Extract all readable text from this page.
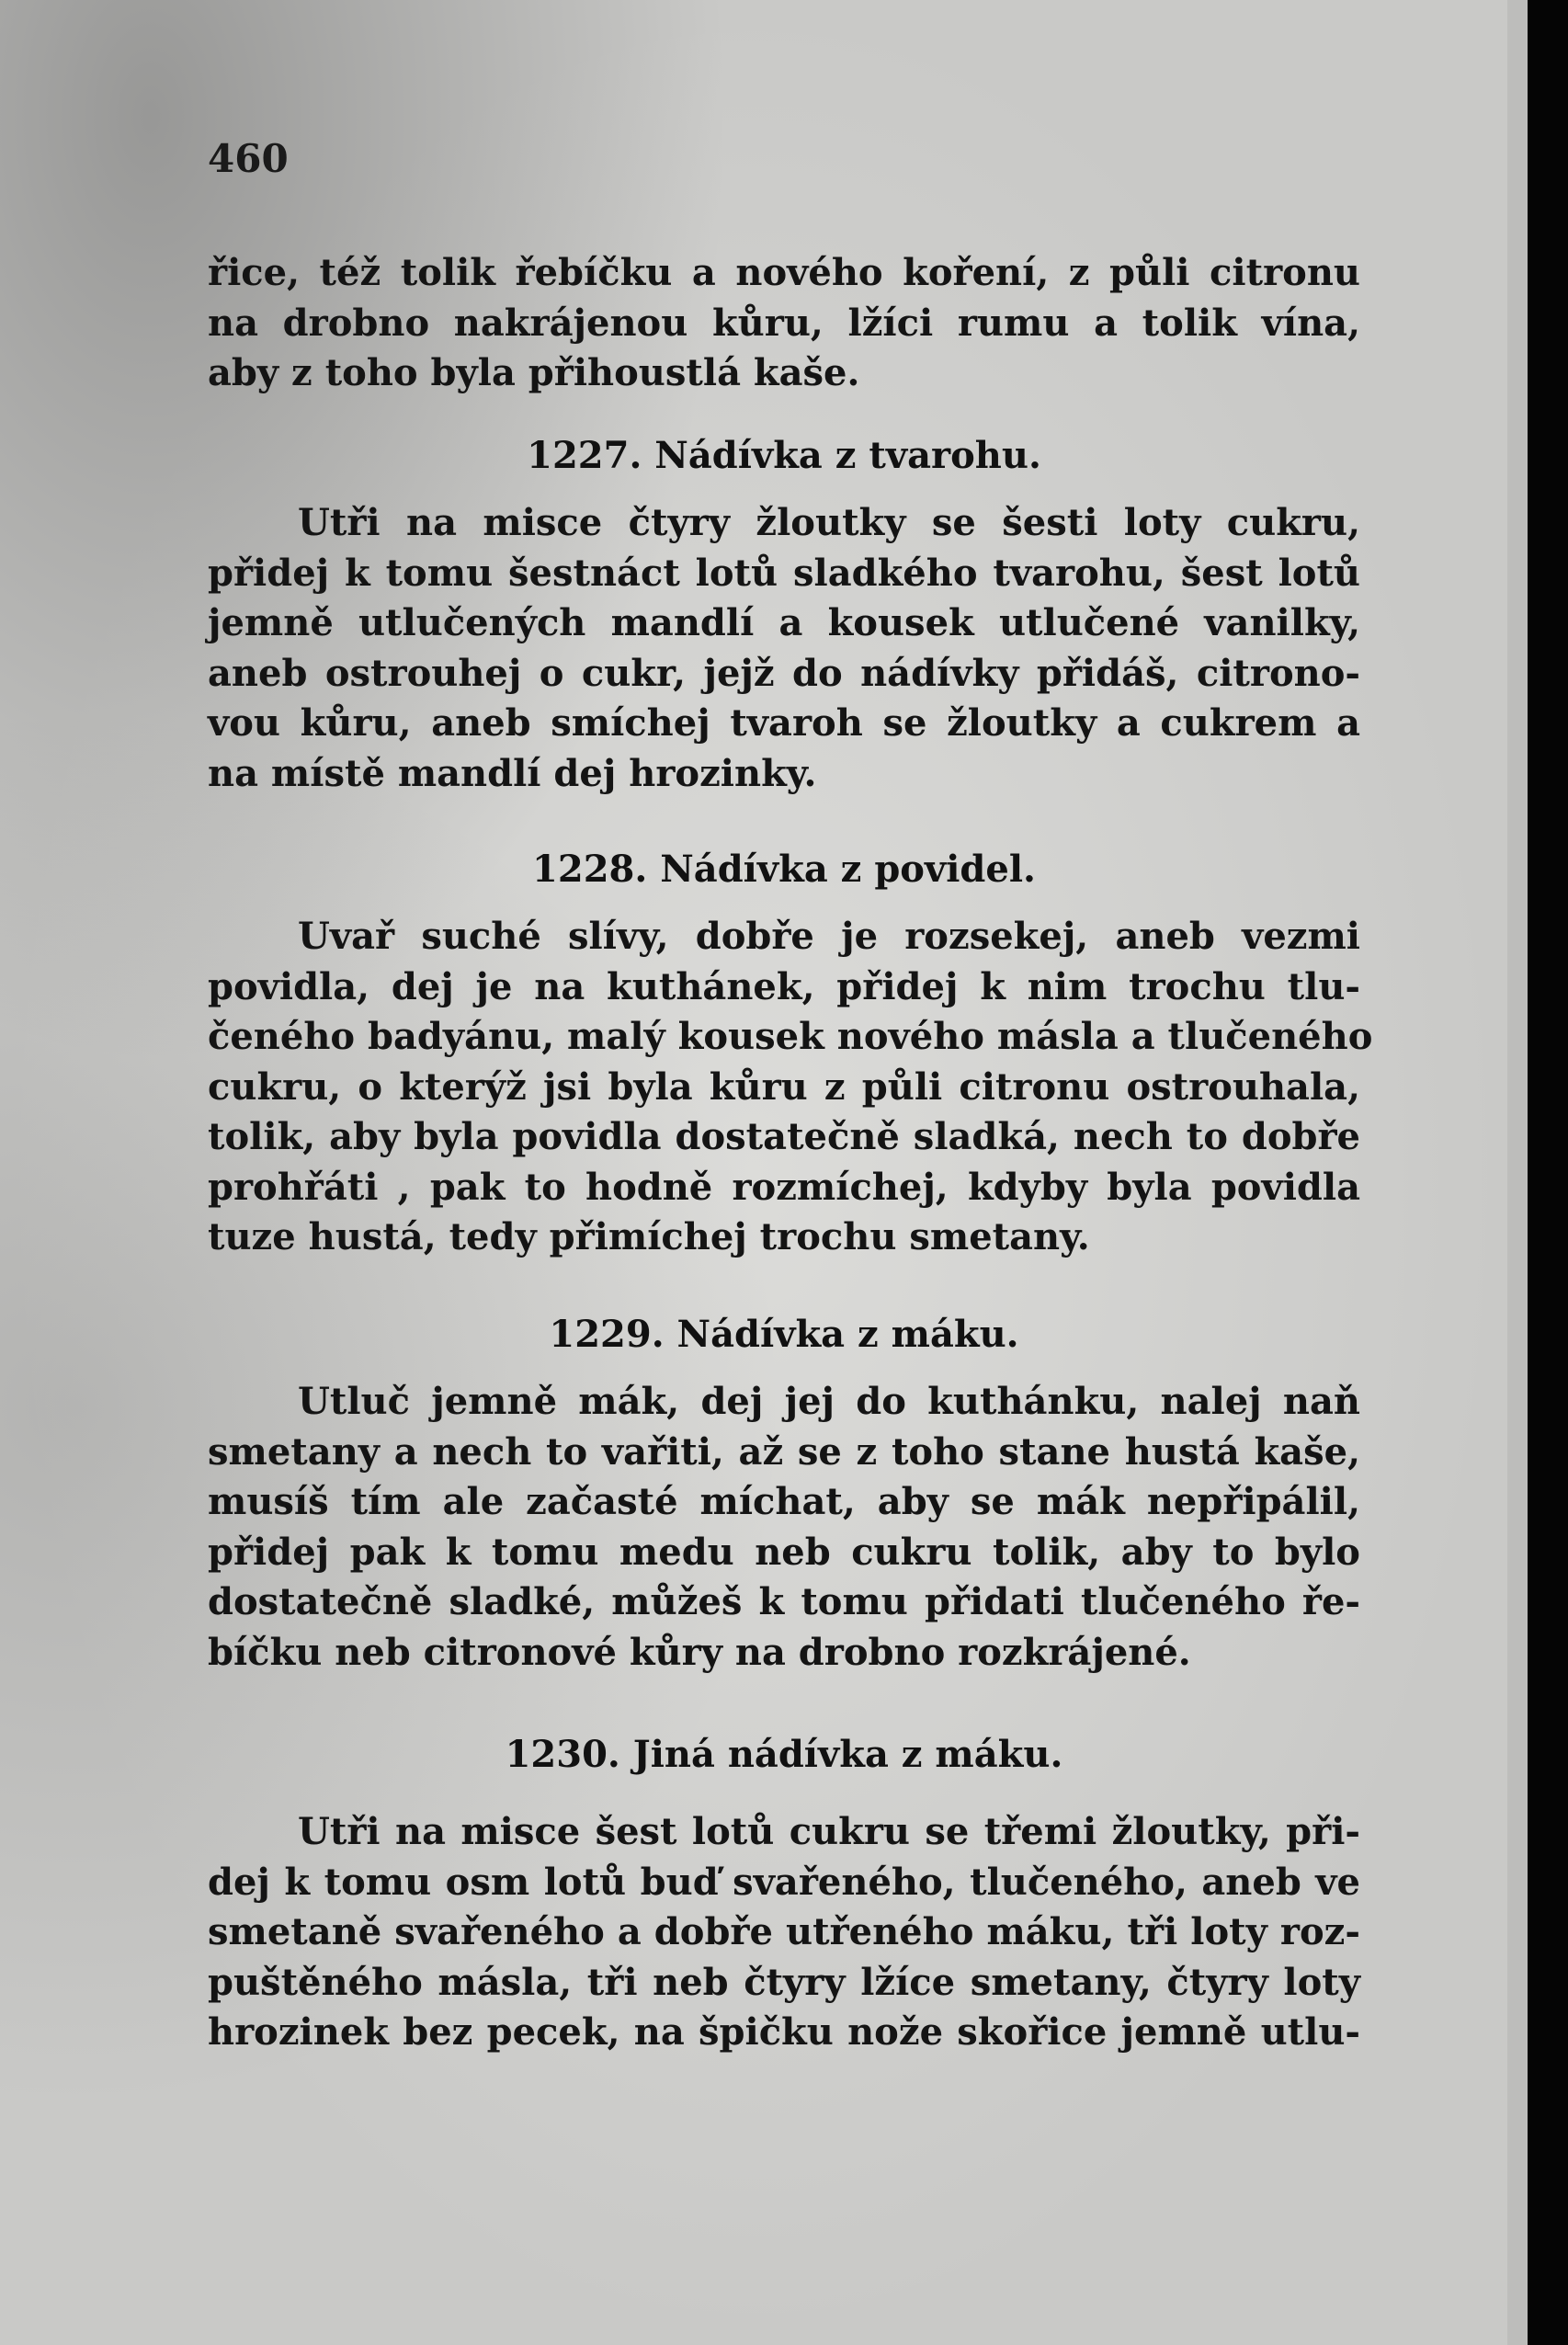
460
řice, též tolik řebíčku a nového koření, z půli citronu
na drobno nakrájenou kůru, lžíci rumu a tolik vína,
aby z toho byla přihoustlá kaše.
1227. Nádívka z tvarohu.
Utři na misce čtyry žloutky se šesti loty cukru,
přidej k tomu šestnáct lotů sladkého tvarohu, šest lotů
jemně utlučených mandlí a kousek utlučené vanilky,
aneb ostrouhej o cukr, jejž do nádívky přidáš, citrono-
vou kůru, aneb smíchej tvaroh se žloutky a cukrem a
na místě mandlí dej hrozinky.
1228. Nádívka z povidel.
Uvař suché slívy, dobře je rozsekej, aneb vezmi
povidla, dej je na kuthánek, přidej k nim trochu tlu-
čeného badyánu, malý kousek nového másla a tlučeného
cukru, o kterýž jsi byla kůru z půli citronu ostrouhala,
tolik, aby byla povidla dostatečně sladká, nech to dobře
prohřáti , pak to hodně rozmíchej, kdyby byla povidla
tuze hustá, tedy přimíchej trochu smetany.
1229. Nádívka z máku.
Utluč jemně mák, dej jej do kuthánku, nalej naň
smetany a nech to vařiti, až se z toho stane hustá kaše,
musíš tím ale začasté míchat, aby se mák nepřipálil,
přidej pak k tomu medu neb cukru tolik, aby to bylo
dostatečně sladké, můžeš k tomu přidati tlučeného ře-
bíčku neb citronové kůry na drobno rozkrájené.
1230. Jiná nádívka z máku.
Utři na misce šest lotů cukru se třemi žloutky, při-
dej k tomu osm lotů buď svařeného, tlučeného, aneb ve
smetaně svařeného a dobře utřeného máku, tři loty roz-
puštěného másla, tři neb čtyry lžíce smetany, čtyry loty
hrozinek bez pecek, na špičku nože skořice jemně utlu-
